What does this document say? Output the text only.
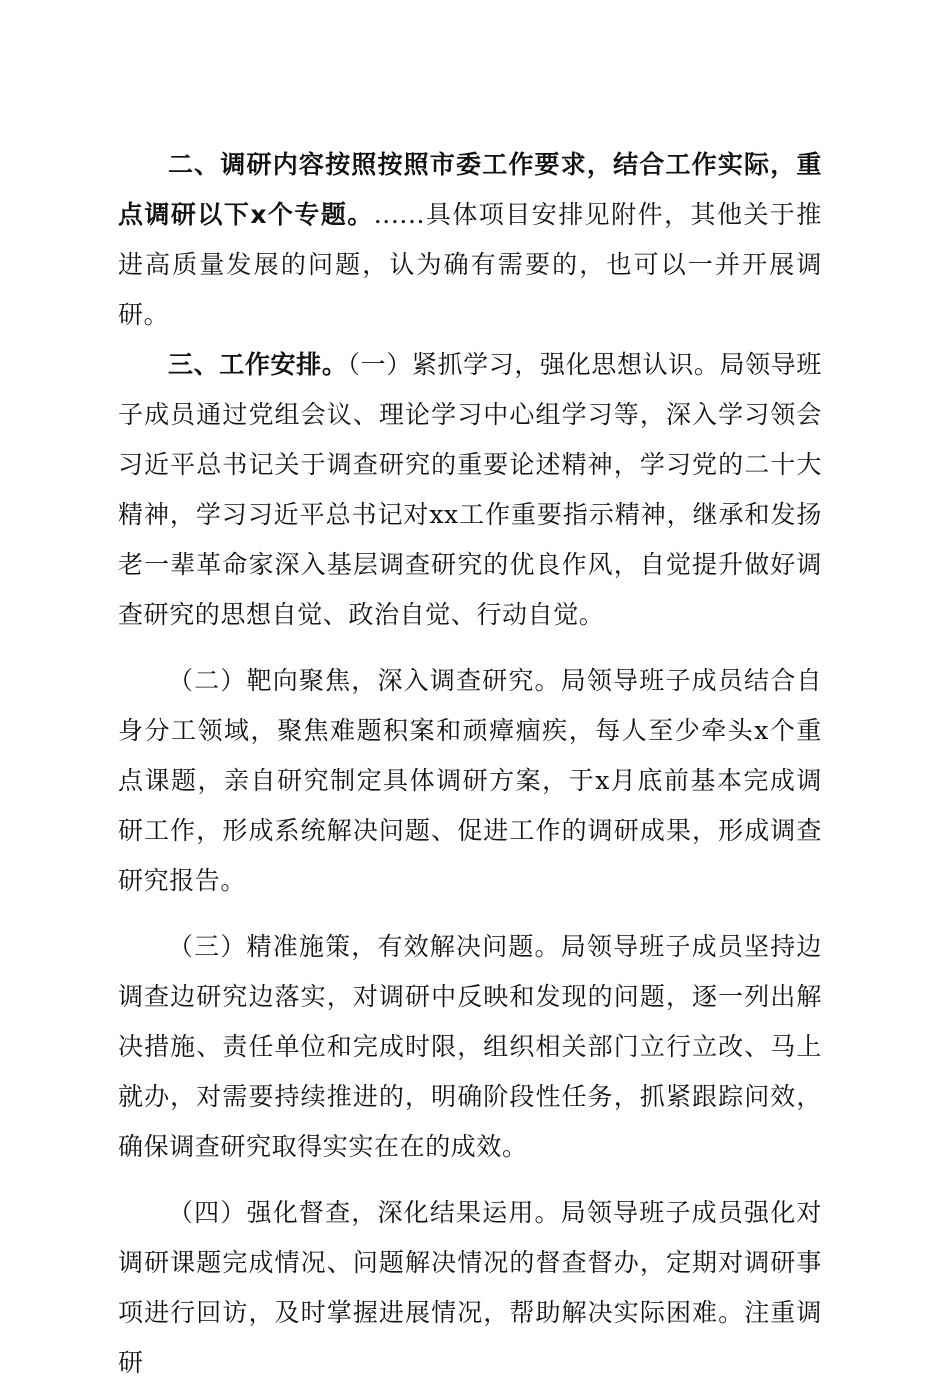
二、调研内容按照按照市委工作要求，结合工作实际，重点调研以下x个专题。......具体项目安排见附件，其他关于推进高质量发展的问题，认为确有需要的，也可以一并开展调研。

三、工作安排。（一）紧抓学习，强化思想认识。局领导班子成员通过党组会议、理论学习中心组学习等，深入学习领会习近平总书记关于调查研究的重要论述精神，学习党的二十大精神，学习习近平总书记对xx工作重要指示精神，继承和发扬老一辈革命家深入基层调查研究的优良作风，自觉提升做好调查研究的思想自觉、政治自觉、行动自觉。

（二）靶向聚焦，深入调查研究。局领导班子成员结合自身分工领域，聚焦难题积案和顽瘴痼疾，每人至少牵头x个重点课题，亲自研究制定具体调研方案，于x月底前基本完成调研工作，形成系统解决问题、促进工作的调研成果，形成调查研究报告。

（三）精准施策，有效解决问题。局领导班子成员坚持边调查边研究边落实，对调研中反映和发现的问题，逐一列出解决措施、责任单位和完成时限，组织相关部门立行立改、马上就办，对需要持续推进的，明确阶段性任务，抓紧跟踪问效，确保调查研究取得实实在在的成效。

（四）强化督查，深化结果运用。局领导班子成员强化对调研课题完成情况、问题解决情况的督查督办，定期对调研事项进行回访，及时掌握进展情况，帮助解决实际困难。注重调研
